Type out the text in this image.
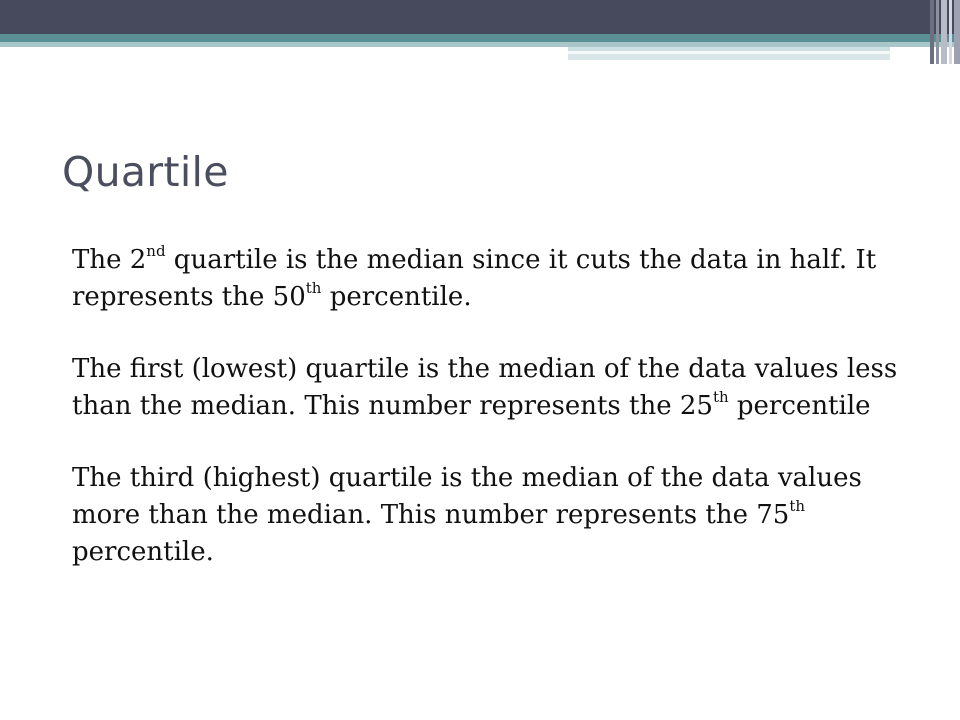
Quartile

The 2nd quartile is the median since it cuts the data in half. It represents the 50th percentile.

The first (lowest) quartile is the median of the data values less than the median. This number represents the 25th percentile

The third (highest) quartile is the median of the data values more than the median. This number represents the 75th percentile.
